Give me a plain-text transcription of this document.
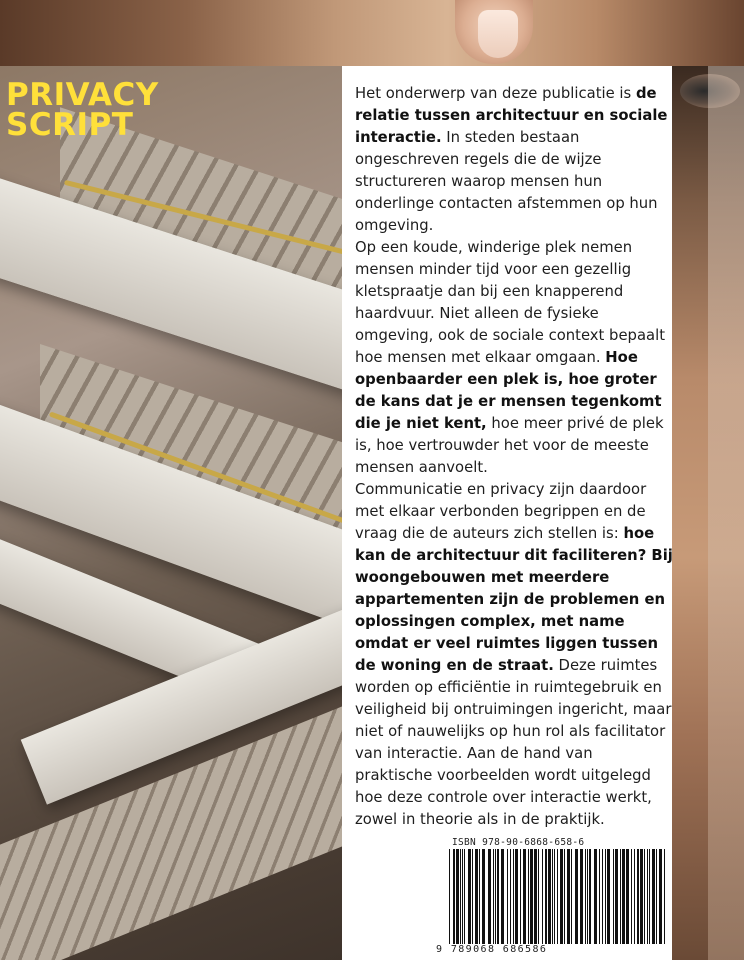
PRIVACY
SCRIPT

Het onderwerp van deze publicatie is de relatie tussen architectuur en sociale interactie. In steden bestaan ongeschreven regels die de wijze structureren waarop mensen hun onderlinge contacten afstemmen op hun omgeving.

Op een koude, winderige plek nemen mensen minder tijd voor een gezellig kletspraatje dan bij een knapperend haardvuur. Niet alleen de fysieke omgeving, ook de sociale context bepaalt hoe mensen met elkaar omgaan. Hoe openbaarder een plek is, hoe groter de kans dat je er mensen tegenkomt die je niet kent, hoe meer privé de plek is, hoe vertrouwder het voor de meeste mensen aanvoelt.

Communicatie en privacy zijn daardoor met elkaar verbonden begrippen en de vraag die de auteurs zich stellen is: hoe kan de architectuur dit faciliteren? Bij woongebouwen met meerdere appartementen zijn de problemen en oplossingen complex, met name omdat er veel ruimtes liggen tussen de woning en de straat. Deze ruimtes worden op efficiëntie in ruimtegebruik en veiligheid bij ontruimingen ingericht, maar niet of nauwelijks op hun rol als facilitator van interactie. Aan de hand van praktische voorbeelden wordt uitgelegd hoe deze controle over interactie werkt, zowel in theorie als in de praktijk.

ISBN 978-90-6868-658-6
9 789068 686586
